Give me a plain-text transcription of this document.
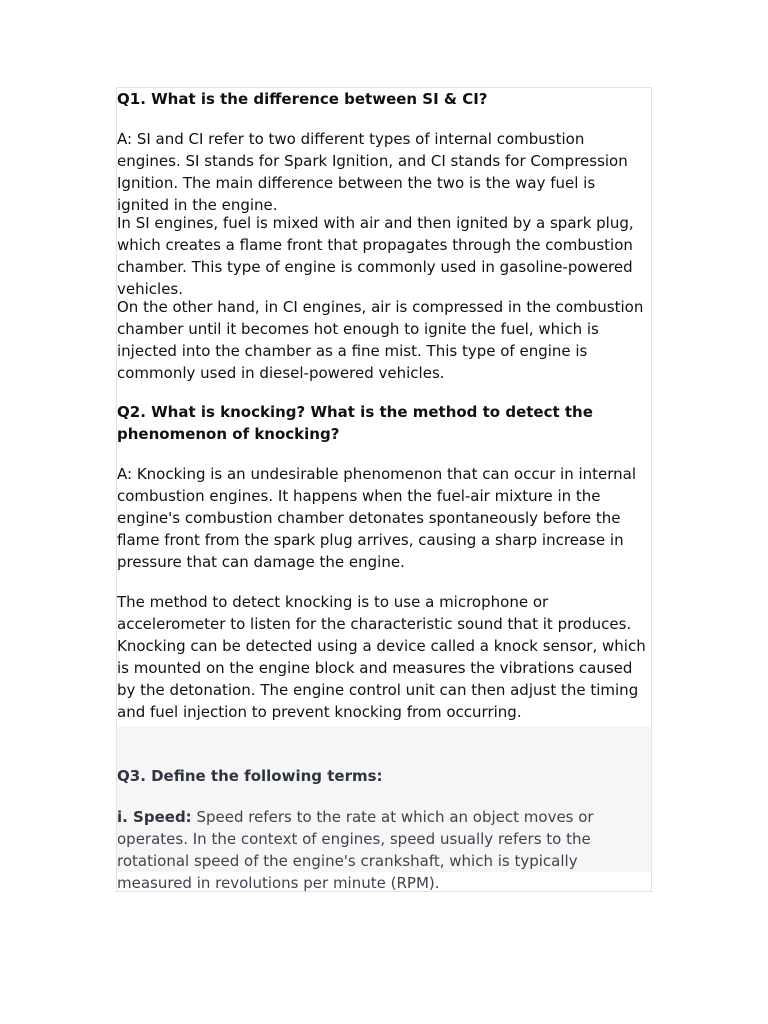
Q1. What is the difference between SI & CI?

A: SI and CI refer to two different types of internal combustion engines. SI stands for Spark Ignition, and CI stands for Compression Ignition. The main difference between the two is the way fuel is ignited in the engine.

In SI engines, fuel is mixed with air and then ignited by a spark plug, which creates a flame front that propagates through the combustion chamber. This type of engine is commonly used in gasoline-powered vehicles.

On the other hand, in CI engines, air is compressed in the combustion chamber until it becomes hot enough to ignite the fuel, which is injected into the chamber as a fine mist. This type of engine is commonly used in diesel-powered vehicles.

Q2. What is knocking? What is the method to detect the phenomenon of knocking?

A: Knocking is an undesirable phenomenon that can occur in internal combustion engines. It happens when the fuel-air mixture in the engine's combustion chamber detonates spontaneously before the flame front from the spark plug arrives, causing a sharp increase in pressure that can damage the engine.

The method to detect knocking is to use a microphone or accelerometer to listen for the characteristic sound that it produces. Knocking can be detected using a device called a knock sensor, which is mounted on the engine block and measures the vibrations caused by the detonation. The engine control unit can then adjust the timing and fuel injection to prevent knocking from occurring.

Q3. Define the following terms:

i. Speed: Speed refers to the rate at which an object moves or operates. In the context of engines, speed usually refers to the rotational speed of the engine's crankshaft, which is typically measured in revolutions per minute (RPM).
